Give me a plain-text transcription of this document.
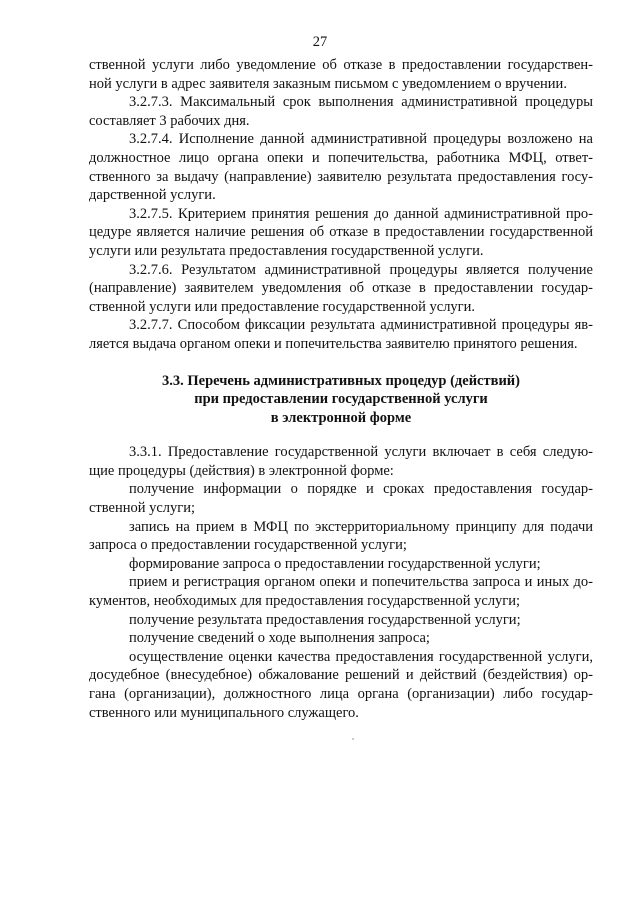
27
ственной услуги либо уведомление об отказе в предоставлении государствен-
ной услуги в адрес заявителя заказным письмом с уведомлением о вручении.
3.2.7.3. Максимальный срок выполнения административной процедуры
составляет 3 рабочих дня.
3.2.7.4. Исполнение данной административной процедуры возложено на
должностное лицо органа опеки и попечительства, работника МФЦ, ответ-
ственного за выдачу (направление) заявителю результата предоставления госу-
дарственной услуги.
3.2.7.5. Критерием принятия решения до данной административной про-
цедуре является наличие решения об отказе в предоставлении государственной
услуги или результата предоставления государственной услуги.
3.2.7.6. Результатом административной процедуры является получение
(направление) заявителем уведомления об отказе в предоставлении государ-
ственной услуги или предоставление государственной услуги.
3.2.7.7. Способом фиксации результата административной процедуры яв-
ляется выдача органом опеки и попечительства заявителю принятого решения.
3.3. Перечень административных процедур (действий)
при предоставлении государственной услуги
в электронной форме
3.3.1. Предоставление государственной услуги включает в себя следую-
щие процедуры (действия) в электронной форме:
получение информации о порядке и сроках предоставления государ-
ственной услуги;
запись на прием в МФЦ по экстерриториальному принципу для подачи
запроса о предоставлении государственной услуги;
формирование запроса о предоставлении государственной услуги;
прием и регистрация органом опеки и попечительства запроса и иных до-
кументов, необходимых для предоставления государственной услуги;
получение результата предоставления государственной услуги;
получение сведений о ходе выполнения запроса;
осуществление оценки качества предоставления государственной услуги,
досудебное (внесудебное) обжалование решений и действий (бездействия) ор-
гана (организации), должностного лица органа (организации) либо государ-
ственного или муниципального служащего.
